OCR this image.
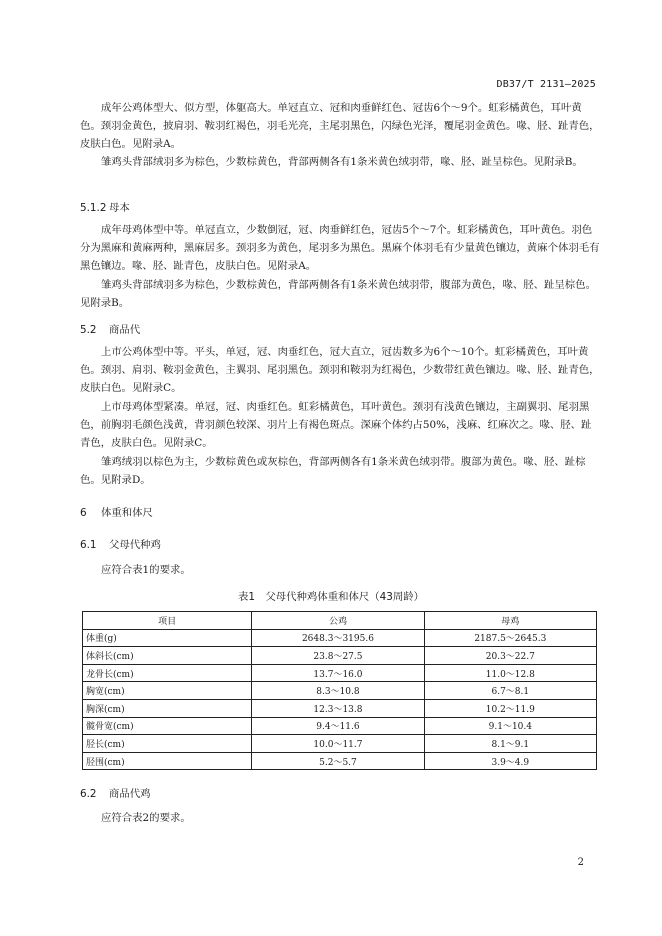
DB37/T 2131—2025

成年公鸡体型大、似方型，体躯高大。单冠直立、冠和肉垂鲜红色、冠齿6个～9个。虹彩橘黄色，耳叶黄色。颈羽金黄色，披肩羽、鞍羽红褐色，羽毛光亮，主尾羽黑色，闪绿色光泽，覆尾羽金黄色。喙、胫、趾青色，皮肤白色。见附录A。

雏鸡头背部绒羽多为棕色，少数棕黄色，背部两侧各有1条米黄色绒羽带，喙、胫、趾呈棕色。见附录B。

5.1.2 母本

成年母鸡体型中等。单冠直立，少数倒冠，冠、肉垂鲜红色，冠齿5个～7个。虹彩橘黄色，耳叶黄色。羽色分为黑麻和黄麻两种，黑麻居多。颈羽多为黄色，尾羽多为黑色。黑麻个体羽毛有少量黄色镶边，黄麻个体羽毛有黑色镶边。喙、胫、趾青色，皮肤白色。见附录A。

雏鸡头背部绒羽多为棕色，少数棕黄色，背部两侧各有1条米黄色绒羽带，腹部为黄色，喙、胫、趾呈棕色。见附录B。

5.2 商品代

上市公鸡体型中等。平头，单冠，冠、肉垂红色，冠大直立，冠齿数多为6个～10个。虹彩橘黄色，耳叶黄色。颈羽、肩羽、鞍羽金黄色，主翼羽、尾羽黑色。颈羽和鞍羽为红褐色，少数带红黄色镶边。喙、胫、趾青色，皮肤白色。见附录C。

上市母鸡体型紧凑。单冠，冠、肉垂红色。虹彩橘黄色，耳叶黄色。颈羽有浅黄色镶边，主副翼羽、尾羽黑色，前胸羽毛颜色浅黄，背羽颜色较深、羽片上有褐色斑点。深麻个体约占50%，浅麻、红麻次之。喙、胫、趾青色，皮肤白色。见附录C。

雏鸡绒羽以棕色为主，少数棕黄色或灰棕色，背部两侧各有1条米黄色绒羽带。腹部为黄色。喙、胫、趾棕色。见附录D。

6 体重和体尺
6.1 父母代种鸡

应符合表1的要求。

表1　父母代种鸡体重和体尺（43周龄）
项目	公鸡	母鸡
体重(g)	2648.3～3195.6	2187.5～2645.3
体斜长(cm)	23.8～27.5	20.3～22.7
龙骨长(cm)	13.7～16.0	11.0～12.8
胸宽(cm)	8.3～10.8	6.7～8.1
胸深(cm)	12.3～13.8	10.2～11.9
髋骨宽(cm)	9.4～11.6	9.1～10.4
胫长(cm)	10.0～11.7	8.1～9.1
胫围(cm)	5.2～5.7	3.9～4.9
6.2 商品代鸡

应符合表2的要求。

2
